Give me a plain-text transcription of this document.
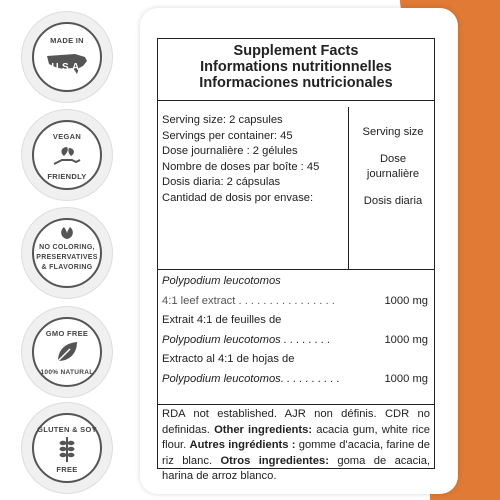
MADE IN
U.S.A.
VEGAN
FRIENDLY
NO COLORING,
PRESERVATIVES
& FLAVORING
GMO FREE
100% NATURAL
GLUTEN & SOY
FREE
Supplement Facts
Informations nutritionnelles
Informaciones nutricionales
Serving size: 2 capsules
Servings per container: 45
Dose journalière : 2 gélules
Nombre de doses par boîte : 45
Dosis diaria: 2 cápsulas
Cantidad de dosis por envase:
Serving size
Dose journalière
Dosis diaria
Polypodium leucotomos
4:1 leef extract . . . . . . . . . . . . . . . .	1000 mg
Extrait 4:1 de feuilles de
Polypodium leucotomos . . . . . . . .	1000 mg
Extracto al 4:1 de hojas de
Polypodium leucotomos. . . . . . . . . .	1000 mg
RDA not established. AJR non définis. CDR no definidas. Other ingredients: acacia gum, white rice flour. Autres ingrédients : gomme d'acacia, farine de riz blanc. Otros ingredientes: goma de acacia, harina de arroz blanco.
